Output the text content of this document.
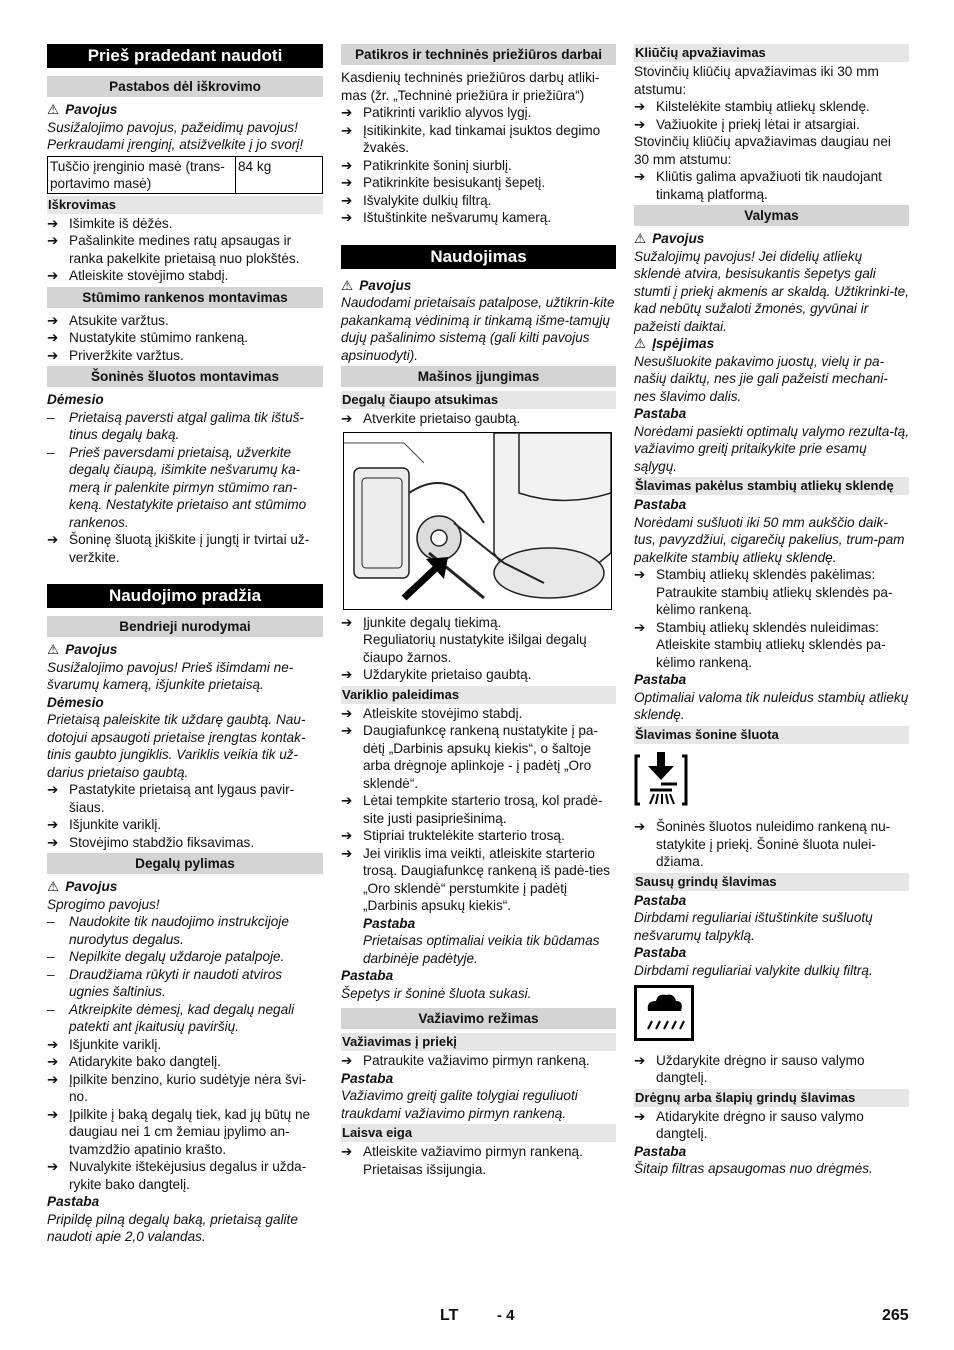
Prieš pradedant naudoti
Pastabos dėl iškrovimo

⚠ Pavojus

Susižalojimo pavojus, pažeidimų pavojus! Perkraudami įrenginį, atsižvelkite į jo svorį!

Tuščio įrenginio masė (trans-portavimo masė)	84 kg
Iškrovimas
➔ Išimkite iš dėžės.
➔ Pašalinkite medines ratų apsaugas ir ranka pakelkite prietaisą nuo plokštės.
➔ Atleiskite stovėjimo stabdį.
Stūmimo rankenos montavimas
➔ Atsukite varžtus.
➔ Nustatykite stūmimo rankeną.
➔ Priveržkite varžtus.
Šoninės šluotos montavimas

Dėmesio

–	Prietaisą paversti atgal galima tik ištuš-tinus degalų baką.
–	Prieš paversdami prietaisą, užverkite degalų čiaupą, išimkite nešvarumų ka-merą ir palenkite pirmyn stūmimo ran-keną. Nestatykite prietaiso ant stūmimo rankenos.
➔ Šoninę šluotą įkiškite į jungtį ir tvirtai už-veržkite.
Naudojimo pradžia
Bendrieji nurodymai

⚠ Pavojus

Susižalojimo pavojus! Prieš išimdami ne-švarumų kamerą, išjunkite prietaisą.

Dėmesio

Prietaisą paleiskite tik uždarę gaubtą. Nau-dotojui apsaugoti prietaise įrengtas kontak-tinis gaubto jungiklis. Variklis veikia tik už-darius prietaiso gaubtą.

➔ Pastatykite prietaisą ant lygaus pavir-šiaus.
➔ Išjunkite variklį.
➔ Stovėjimo stabdžio fiksavimas.
Degalų pylimas

⚠ Pavojus

Sprogimo pavojus!

–	Naudokite tik naudojimo instrukcijoje nurodytus degalus.
–	Nepilkite degalų uždaroje patalpoje.
–	Draudžiama rūkyti ir naudoti atviros ugnies šaltinius.
–	Atkreipkite dėmesį, kad degalų negali patekti ant įkaitusių paviršių.
➔ Išjunkite variklį.
➔ Atidarykite bako dangtelį.
➔ Įpilkite benzino, kurio sudėtyje nėra švi-no.
➔ Įpilkite į baką degalų tiek, kad jų būtų ne daugiau nei 1 cm žemiau įpylimo an-tvamzdžio apatinio krašto.
➔ Nuvalykite ištekėjusius degalus ir užda-rykite bako dangtelį.

Pastaba

Pripildę pilną degalų baką, prietaisą galite naudoti apie 2,0 valandas.

Patikros ir techninės priežiūros darbai

Kasdienių techninės priežiūros darbų atliki-mas (žr. „Techninė priežiūra ir priežiūra“)

➔ Patikrinti variklio alyvos lygį.
➔ Įsitikinkite, kad tinkamai įsuktos degimo žvakės.
➔ Patikrinkite šoninį siurblį.
➔ Patikrinkite besisukantį šepetį.
➔ Išvalykite dulkių filtrą.
➔ Ištuštinkite nešvarumų kamerą.
Naudojimas

⚠ Pavojus

Naudodami prietaisais patalpose, užtikrin-kite pakankamą vėdinimą ir tinkamą išme-tamųjų dujų pašalinimo sistemą (gali kilti pavojus apsinuodyti).

Mašinos įjungimas
Degalų čiaupo atsukimas
➔ Atverkite prietaiso gaubtą.
➔ Įjunkite degalų tiekimą.

Reguliatorių nustatykite išilgai degalų čiaupo žarnos.

➔ Uždarykite prietaiso gaubtą.
Variklio paleidimas
➔ Atleiskite stovėjimo stabdį.
➔ Daugiafunkcę rankeną nustatykite į pa-dėtį „Darbinis apsukų kiekis“, o šaltoje arba drėgnoje aplinkoje - į padėtį „Oro sklendė“.
➔ Lėtai tempkite starterio trosą, kol pradė-site justi pasipriešinimą.
➔ Stipriai truktelėkite starterio trosą.
➔ Jei viriklis ima veikti, atleiskite starterio trosą. Daugiafunkcę rankeną iš padė-ties „Oro sklendė“ perstumkite į padėtį „Darbinis apsukų kiekis“.

Pastaba

Prietaisas optimaliai veikia tik būdamas darbinėje padėtyje.

Pastaba

Šepetys ir šoninė šluota sukasi.

Važiavimo režimas
Važiavimas į priekį
➔ Patraukite važiavimo pirmyn rankeną.

Pastaba

Važiavimo greitį galite tolygiai reguliuoti traukdami važiavimo pirmyn rankeną.

Laisva eiga
➔ Atleiskite važiavimo pirmyn rankeną. Prietaisas išsijungia.
Kliūčių apvažiavimas

Stovinčių kliūčių apvažiavimas iki 30 mm atstumu:

➔ Kilstelėkite stambių atliekų sklendę.
➔ Važiuokite į priekį lėtai ir atsargiai.

Stovinčių kliūčių apvažiavimas daugiau nei 30 mm atstumu:

➔ Kliūtis galima apvažiuoti tik naudojant tinkamą platformą.
Valymas

⚠ Pavojus

Sužalojimų pavojus! Jei didelių atliekų sklendė atvira, besisukantis šepetys gali stumti į priekį akmenis ar skaldą. Užtikrinki-te, kad nebūtų sužaloti žmonės, gyvūnai ir pažeisti daiktai.

⚠ Įspėjimas

Nesušluokite pakavimo juostų, vielų ir pa-našių daiktų, nes jie gali pažeisti mechani-nes šlavimo dalis.

Pastaba

Norėdami pasiekti optimalų valymo rezulta-tą, važiavimo greitį pritaikykite prie esamų sąlygų.

Šlavimas pakėlus stambių atliekų sklendę

Pastaba

Norėdami sušluoti iki 50 mm aukščio daik-tus, pavyzdžiui, cigarečių pakelius, trum-pam pakelkite stambių atliekų sklendę.

➔ Stambių atliekų sklendės pakėlimas: Patraukite stambių atliekų sklendės pa-kėlimo rankeną.
➔ Stambių atliekų sklendės nuleidimas: Atleiskite stambių atliekų sklendės pa-kėlimo rankeną.

Pastaba

Optimaliai valoma tik nuleidus stambių atliekų sklendę.

Šlavimas šonine šluota
➔ Šoninės šluotos nuleidimo rankeną nu-statykite į priekį. Šoninė šluota nulei-džiama.
Sausų grindų šlavimas

Pastaba

Dirbdami reguliariai ištuštinkite sušluotų nešvarumų talpyklą.

Pastaba

Dirbdami reguliariai valykite dulkių filtrą.

➔ Uždarykite drėgno ir sauso valymo dangtelį.
Drėgnų arba šlapių grindų šlavimas
➔ Atidarykite drėgno ir sauso valymo dangtelį.

Pastaba

Šitaip filtras apsaugomas nuo drėgmės.

LT	- 4	265
